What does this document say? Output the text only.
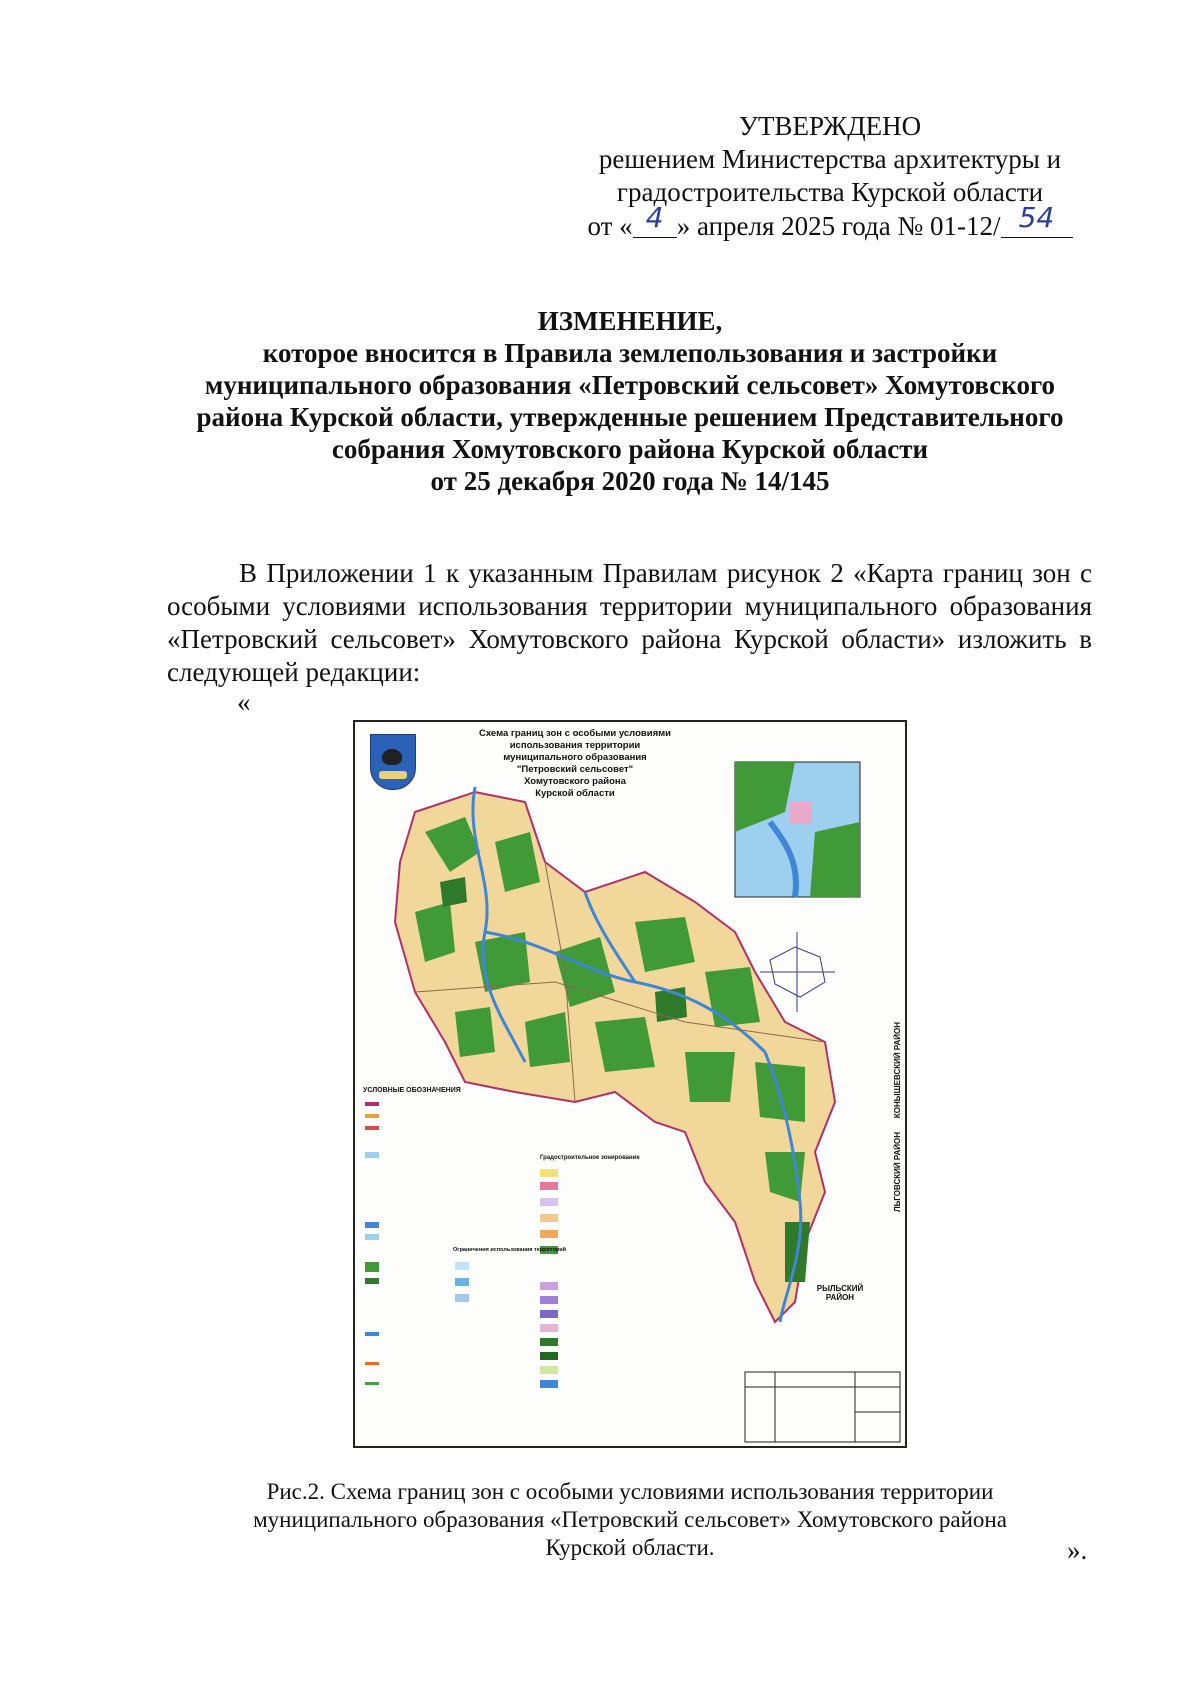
УТВЕРЖДЕНО
решением Министерства архитектуры и
градостроительства Курской области
от « 4 » апреля 2025 года № 01-12/ 54
ИЗМЕНЕНИЕ,
которое вносится в Правила землепользования и застройки
муниципального образования «Петровский сельсовет» Хомутовского
района Курской области, утвержденные решением Представительного
собрания Хомутовского района Курской области
от 25 декабря 2020 года № 14/145
В Приложении 1 к указанным Правилам рисунок 2 «Карта границ зон с особыми условиями использования территории муниципального образования «Петровский сельсовет» Хомутовского района Курской области» изложить в следующей редакции:
«
Схема границ зон с особыми условиями
использования территории
муниципального образования
"Петровский сельсовет"
Хомутовского района
Курской области
УСЛОВНЫЕ ОБОЗНАЧЕНИЯ
Ограничения использования территорий
Градостроительное зонирование
КОНЫШЕВСКИЙ РАЙОН
ЛЬГОВСКИЙ РАЙОН
РЫЛЬСКИЙ РАЙОН
Рис.2. Схема границ зон с особыми условиями использования территории
муниципального образования «Петровский сельсовет» Хомутовского района
Курской области.	».
